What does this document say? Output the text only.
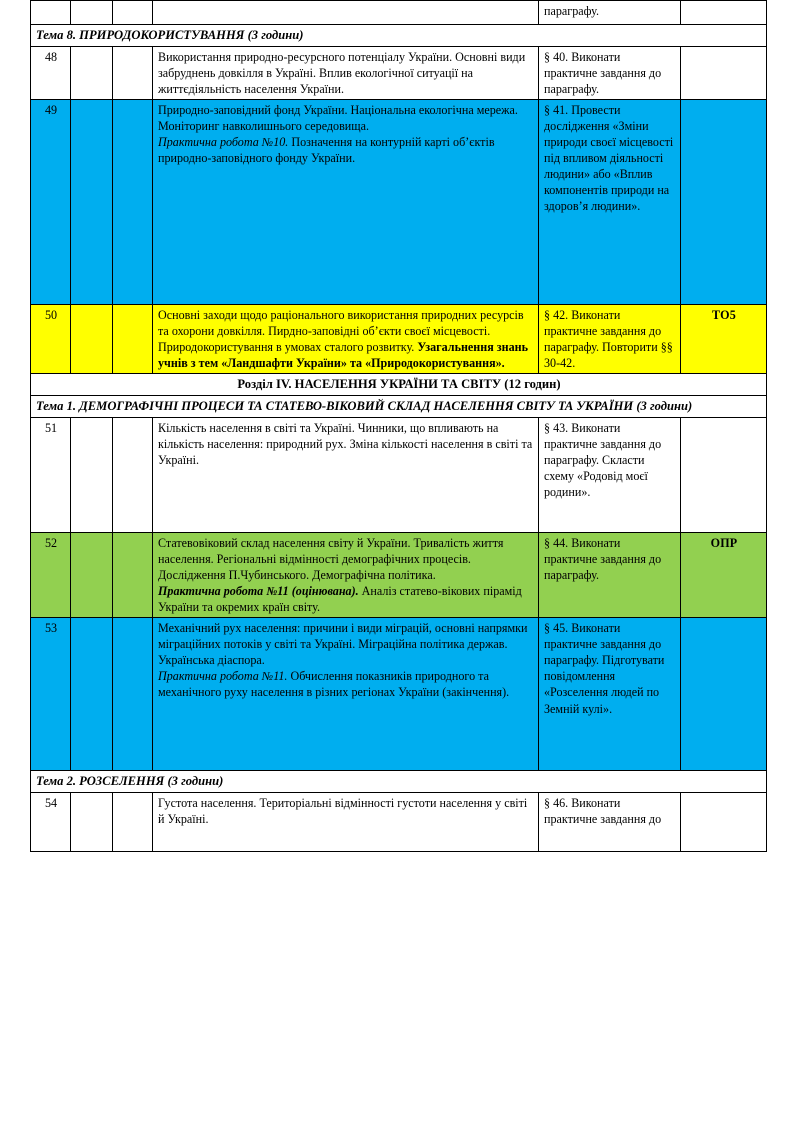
				параграфу.	
Тема 8. ПРИРОДОКОРИСТУВАННЯ (3 години)					
48			Використання природно-ресурсного потенціалу України. Основні види забруднень довкілля в Україні. Вплив екологічної ситуації на життєдіяльність населення України.	§ 40. Виконати практичне завдання до параграфу.	
49			Природно-заповідний фонд України. Національна екологічна мережа. Моніторинг навколишнього середовища.

Практична робота №10. Позначення на контурній карті об’єктів природно-заповідного фонду України.	§ 41. Провести дослідження «Зміни природи своєї місцевості під впливом діяльності людини» або «Вплив компонентів природи на здоров’я людини».	
50			Основні заходи щодо раціонального використання природних ресурсів та охорони довкілля. Пирдно-заповідні об’єкти своєї місцевості. Природокористування в умовах сталого розвитку. Узагальнення знань учнів з тем «Ландшафти України» та «Природокористування».	§ 42. Виконати практичне завдання до параграфу. Повторити §§ 30-42.	ТО5
Розділ IV. НАСЕЛЕННЯ УКРАЇНИ ТА СВІТУ (12 годин)					
Тема 1. ДЕМОГРАФІЧНІ ПРОЦЕСИ ТА СТАТЕВО-ВІКОВИЙ СКЛАД НАСЕЛЕННЯ СВІТУ ТА УКРАЇНИ (3 години)					
51			Кількість населення в світі та Україні. Чинники, що впливають на кількість населення: природний рух. Зміна кількості населення в світі та Україні.	§ 43. Виконати практичне завдання до параграфу. Скласти схему «Родовід моєї родини».	
52			Статевовіковий склад населення світу й України. Тривалість життя населення. Регіональні відмінності демографічних процесів. Дослідження П.Чубинського. Демографічна політика.

Практична робота №11 (оцінювана). Аналіз статево-вікових пірамід України та окремих країн світу.	§ 44. Виконати практичне завдання до параграфу.	ОПР
53			Механічний рух населення: причини і види міграцій, основні напрямки міграційних потоків у світі та Україні. Міграційна політика держав. Українська діаспора.

Практична робота №11. Обчислення показників природного та механічного руху населення в різних регіонах України (закінчення).	§ 45. Виконати практичне завдання до параграфу. Підготувати повідомлення «Розселення людей по Земній кулі».	
Тема 2. РОЗСЕЛЕННЯ (3 години)					
54			Густота населення. Територіальні відмінності густоти населення у світі й Україні.	§ 46. Виконати практичне завдання до	
